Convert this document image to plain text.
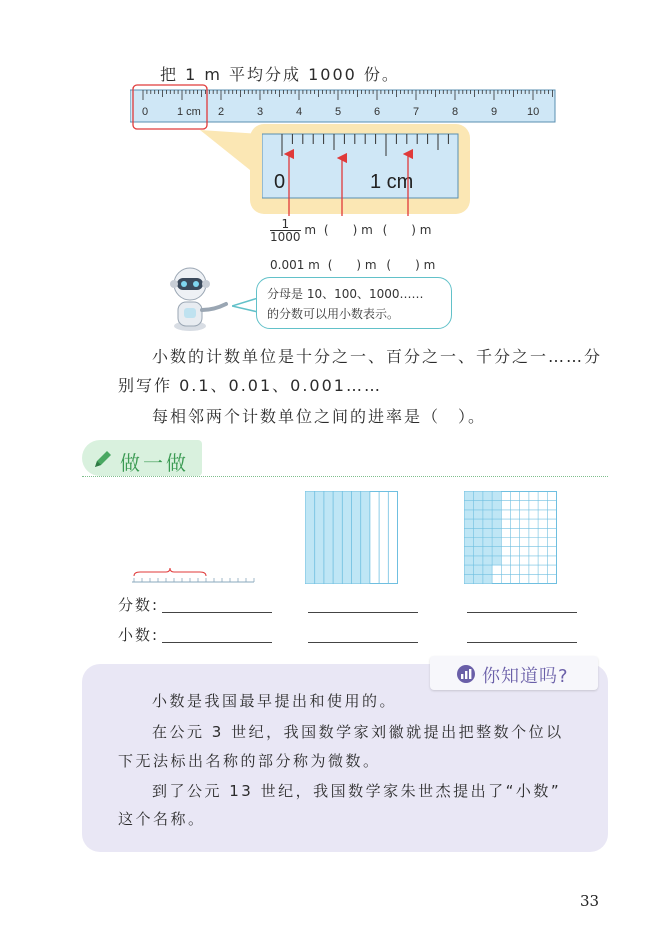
把 1 m 平均分成 1000 份。
0	1 cm 2	3	4	5	6	7	8	9	10
0	1 cm
$\frac{1}{1000}$ m (　　) m (　　) m
0.001 m (　　) m (　　) m
分母是 10、100、1000……
的分数可以用小数表示。
小数的计数单位是十分之一、百分之一、千分之一……分
别写作 0.1、0.01、0.001……
每相邻两个计数单位之间的进率是（　）。
做一做
分数:
小数:
你知道吗?
小数是我国最早提出和使用的。
在公元 3 世纪，我国数学家刘徽就提出把整数个位以
下无法标出名称的部分称为微数。
到了公元 13 世纪，我国数学家朱世杰提出了“小数”
这个名称。
33
